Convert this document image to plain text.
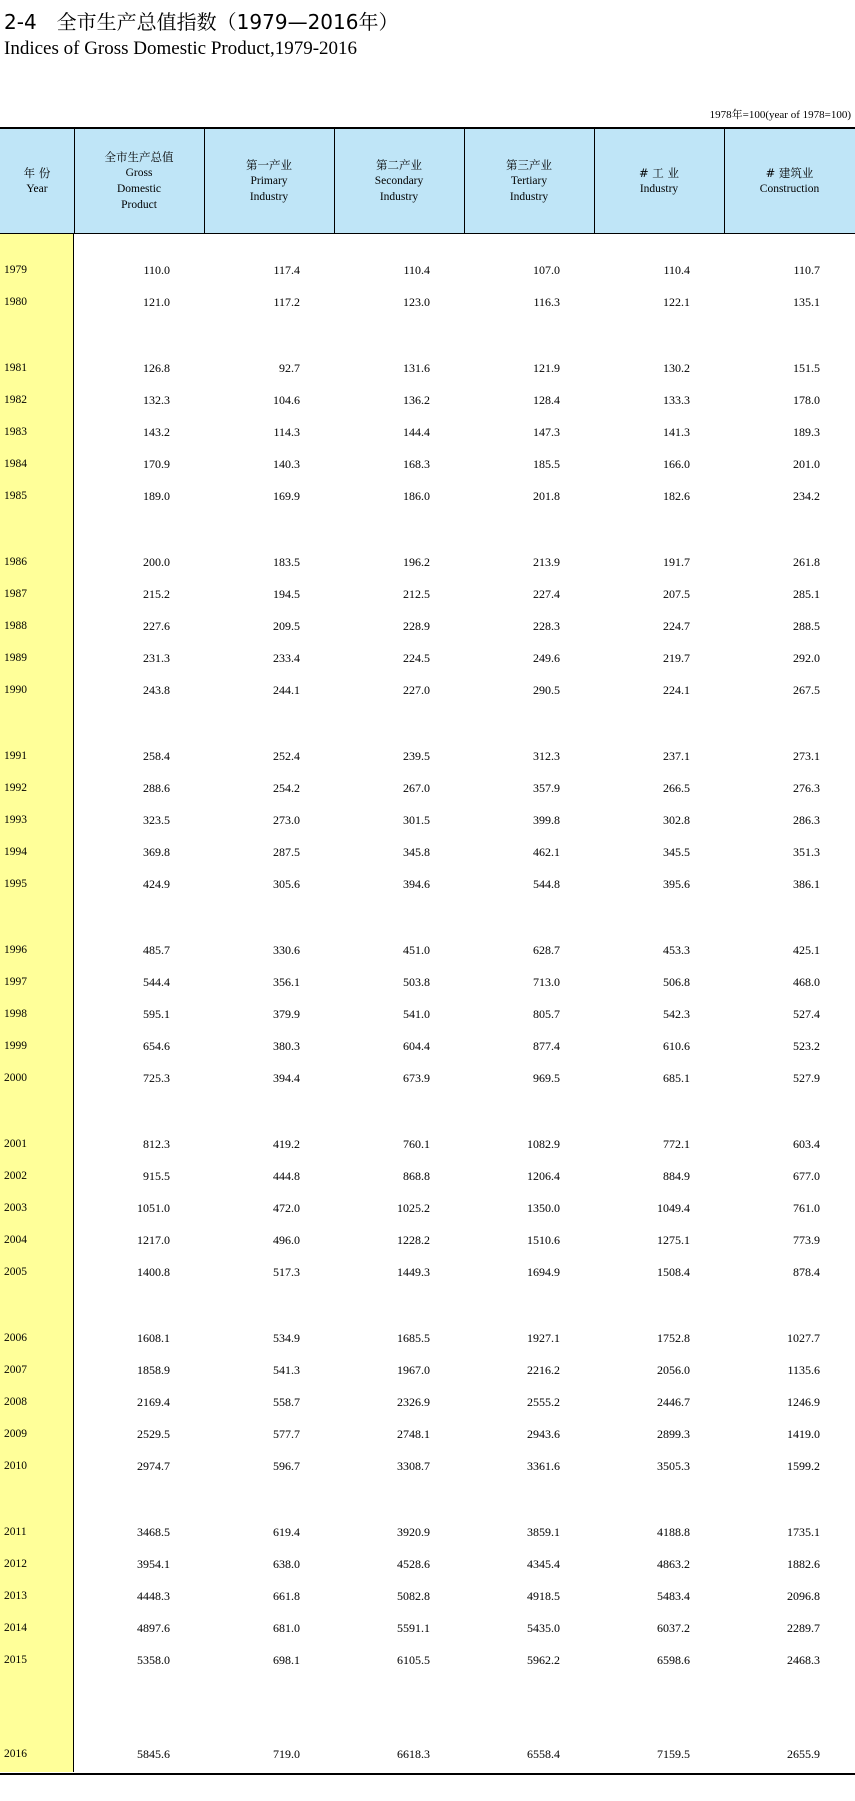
2-4　全市生产总值指数（1979—2016年）
Indices of Gross Domestic Product,1979-2016
1978年=100(year of 1978=100)
年 份
Year
全市生产总值
Gross Domestic Product
第一产业
Primary Industry
第二产业
Secondary Industry
第三产业
Tertiary Industry
# 工 业
Industry
# 建筑业
Construction
1979	110.0	117.4	110.4	107.0	110.4	110.7
1980	121.0	117.2	123.0	116.3	122.1	135.1
1981	126.8	92.7	131.6	121.9	130.2	151.5
1982	132.3	104.6	136.2	128.4	133.3	178.0
1983	143.2	114.3	144.4	147.3	141.3	189.3
1984	170.9	140.3	168.3	185.5	166.0	201.0
1985	189.0	169.9	186.0	201.8	182.6	234.2
1986	200.0	183.5	196.2	213.9	191.7	261.8
1987	215.2	194.5	212.5	227.4	207.5	285.1
1988	227.6	209.5	228.9	228.3	224.7	288.5
1989	231.3	233.4	224.5	249.6	219.7	292.0
1990	243.8	244.1	227.0	290.5	224.1	267.5
1991	258.4	252.4	239.5	312.3	237.1	273.1
1992	288.6	254.2	267.0	357.9	266.5	276.3
1993	323.5	273.0	301.5	399.8	302.8	286.3
1994	369.8	287.5	345.8	462.1	345.5	351.3
1995	424.9	305.6	394.6	544.8	395.6	386.1
1996	485.7	330.6	451.0	628.7	453.3	425.1
1997	544.4	356.1	503.8	713.0	506.8	468.0
1998	595.1	379.9	541.0	805.7	542.3	527.4
1999	654.6	380.3	604.4	877.4	610.6	523.2
2000	725.3	394.4	673.9	969.5	685.1	527.9
2001	812.3	419.2	760.1	1082.9	772.1	603.4
2002	915.5	444.8	868.8	1206.4	884.9	677.0
2003	1051.0	472.0	1025.2	1350.0	1049.4	761.0
2004	1217.0	496.0	1228.2	1510.6	1275.1	773.9
2005	1400.8	517.3	1449.3	1694.9	1508.4	878.4
2006	1608.1	534.9	1685.5	1927.1	1752.8	1027.7
2007	1858.9	541.3	1967.0	2216.2	2056.0	1135.6
2008	2169.4	558.7	2326.9	2555.2	2446.7	1246.9
2009	2529.5	577.7	2748.1	2943.6	2899.3	1419.0
2010	2974.7	596.7	3308.7	3361.6	3505.3	1599.2
2011	3468.5	619.4	3920.9	3859.1	4188.8	1735.1
2012	3954.1	638.0	4528.6	4345.4	4863.2	1882.6
2013	4448.3	661.8	5082.8	4918.5	5483.4	2096.8
2014	4897.6	681.0	5591.1	5435.0	6037.2	2289.7
2015	5358.0	698.1	6105.5	5962.2	6598.6	2468.3
2016	5845.6	719.0	6618.3	6558.4	7159.5	2655.9
